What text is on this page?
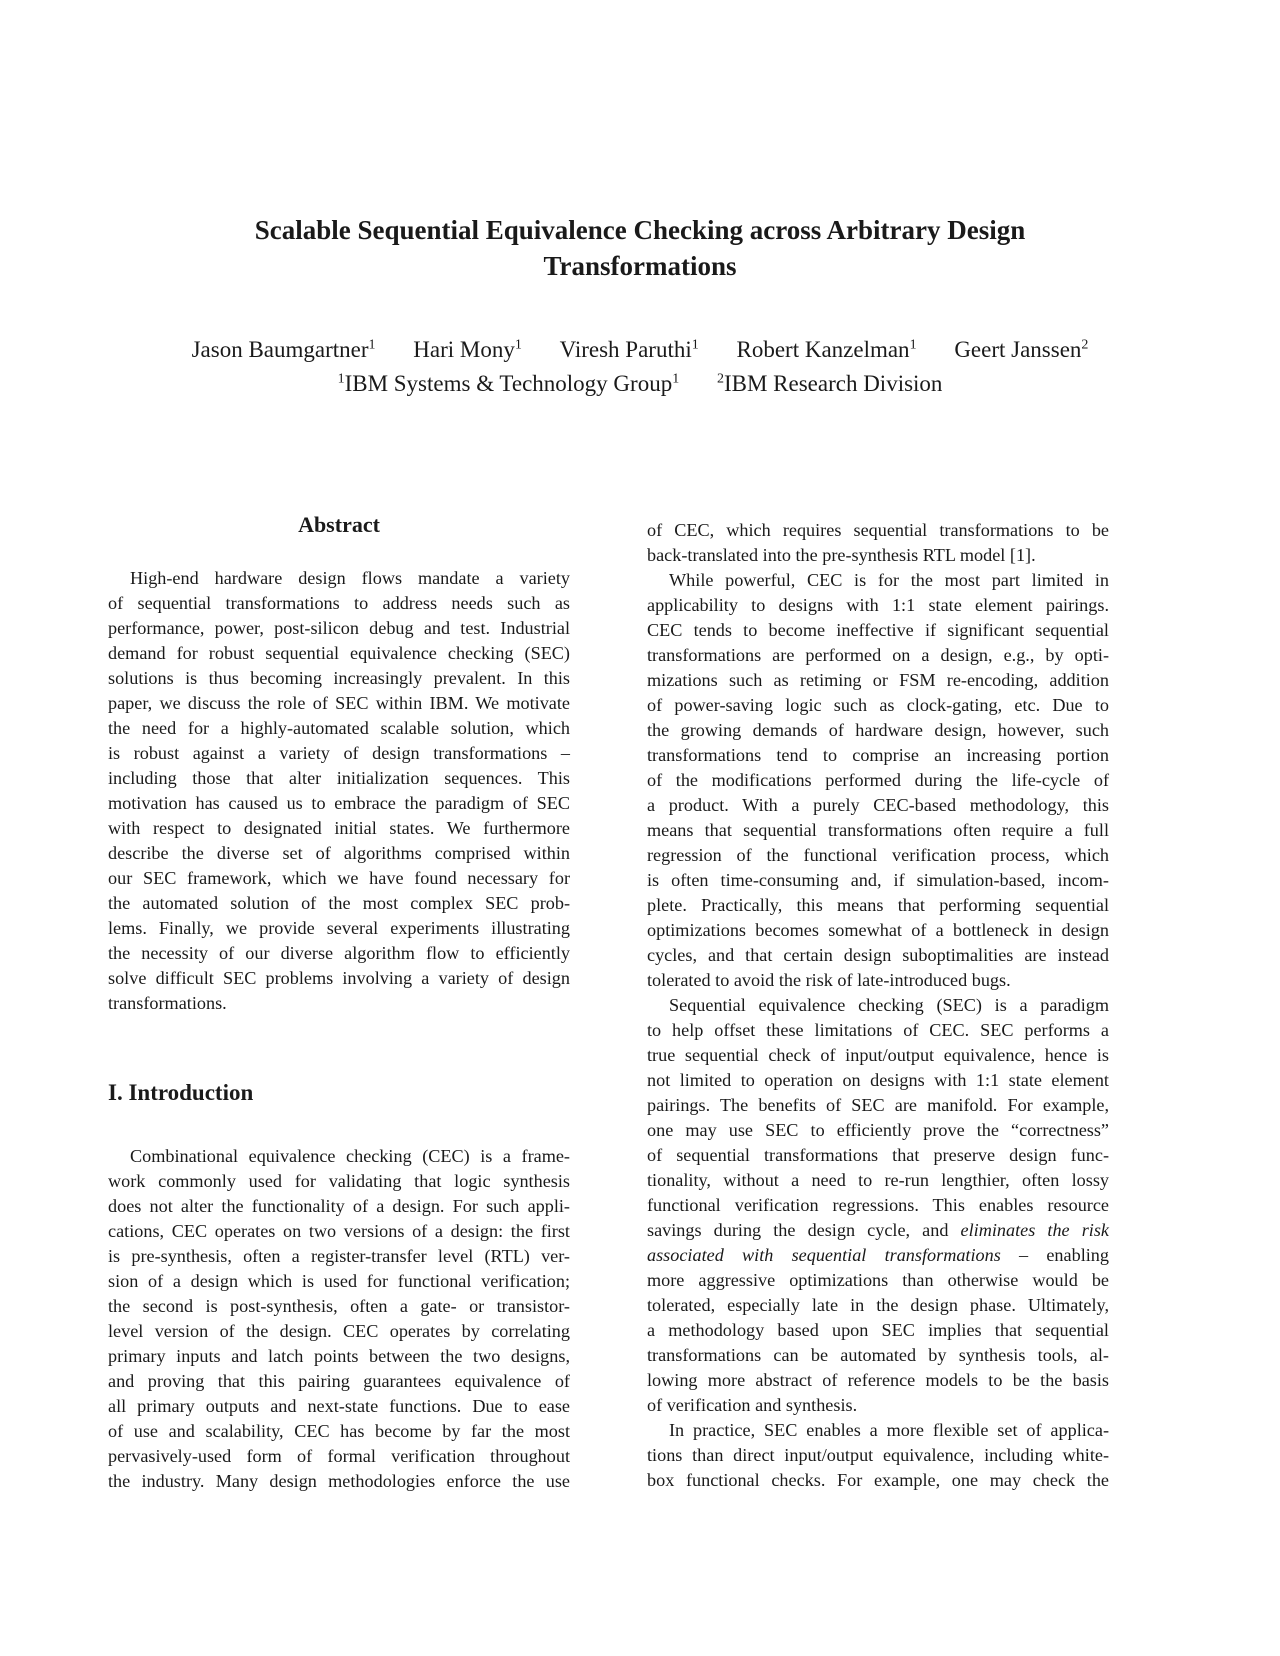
Scalable Sequential Equivalence Checking across Arbitrary Design
Transformations
Jason Baumgartner$^1$ Hari Mony$^1$ Viresh Paruthi$^1$ Robert Kanzelman$^1$ Geert Janssen$^2$
$^1$IBM Systems & Technology Group$^1$	$^2$IBM Research Division
Abstract
High-end hardware design flows mandate a variety
of sequential transformations to address needs such as
performance, power, post-silicon debug and test. Industrial
demand for robust sequential equivalence checking (SEC)
solutions is thus becoming increasingly prevalent. In this
paper, we discuss the role of SEC within IBM. We motivate
the need for a highly-automated scalable solution, which
is robust against a variety of design transformations –
including those that alter initialization sequences. This
motivation has caused us to embrace the paradigm of SEC
with respect to designated initial states. We furthermore
describe the diverse set of algorithms comprised within
our SEC framework, which we have found necessary for
the automated solution of the most complex SEC prob-
lems. Finally, we provide several experiments illustrating
the necessity of our diverse algorithm flow to efficiently
solve difficult SEC problems involving a variety of design
transformations.
I. Introduction
Combinational equivalence checking (CEC) is a frame-
work commonly used for validating that logic synthesis
does not alter the functionality of a design. For such appli-
cations, CEC operates on two versions of a design: the first
is pre-synthesis, often a register-transfer level (RTL) ver-
sion of a design which is used for functional verification;
the second is post-synthesis, often a gate- or transistor-
level version of the design. CEC operates by correlating
primary inputs and latch points between the two designs,
and proving that this pairing guarantees equivalence of
all primary outputs and next-state functions. Due to ease
of use and scalability, CEC has become by far the most
pervasively-used form of formal verification throughout
the industry. Many design methodologies enforce the use
of CEC, which requires sequential transformations to be
back-translated into the pre-synthesis RTL model [1].
While powerful, CEC is for the most part limited in
applicability to designs with 1:1 state element pairings.
CEC tends to become ineffective if significant sequential
transformations are performed on a design, e.g., by opti-
mizations such as retiming or FSM re-encoding, addition
of power-saving logic such as clock-gating, etc. Due to
the growing demands of hardware design, however, such
transformations tend to comprise an increasing portion
of the modifications performed during the life-cycle of
a product. With a purely CEC-based methodology, this
means that sequential transformations often require a full
regression of the functional verification process, which
is often time-consuming and, if simulation-based, incom-
plete. Practically, this means that performing sequential
optimizations becomes somewhat of a bottleneck in design
cycles, and that certain design suboptimalities are instead
tolerated to avoid the risk of late-introduced bugs.
Sequential equivalence checking (SEC) is a paradigm
to help offset these limitations of CEC. SEC performs a
true sequential check of input/output equivalence, hence is
not limited to operation on designs with 1:1 state element
pairings. The benefits of SEC are manifold. For example,
one may use SEC to efficiently prove the “correctness”
of sequential transformations that preserve design func-
tionality, without a need to re-run lengthier, often lossy
functional verification regressions. This enables resource
savings during the design cycle, and eliminates the risk
associated with sequential transformations – enabling
more aggressive optimizations than otherwise would be
tolerated, especially late in the design phase. Ultimately,
a methodology based upon SEC implies that sequential
transformations can be automated by synthesis tools, al-
lowing more abstract of reference models to be the basis
of verification and synthesis.
In practice, SEC enables a more flexible set of applica-
tions than direct input/output equivalence, including white-
box functional checks. For example, one may check the
